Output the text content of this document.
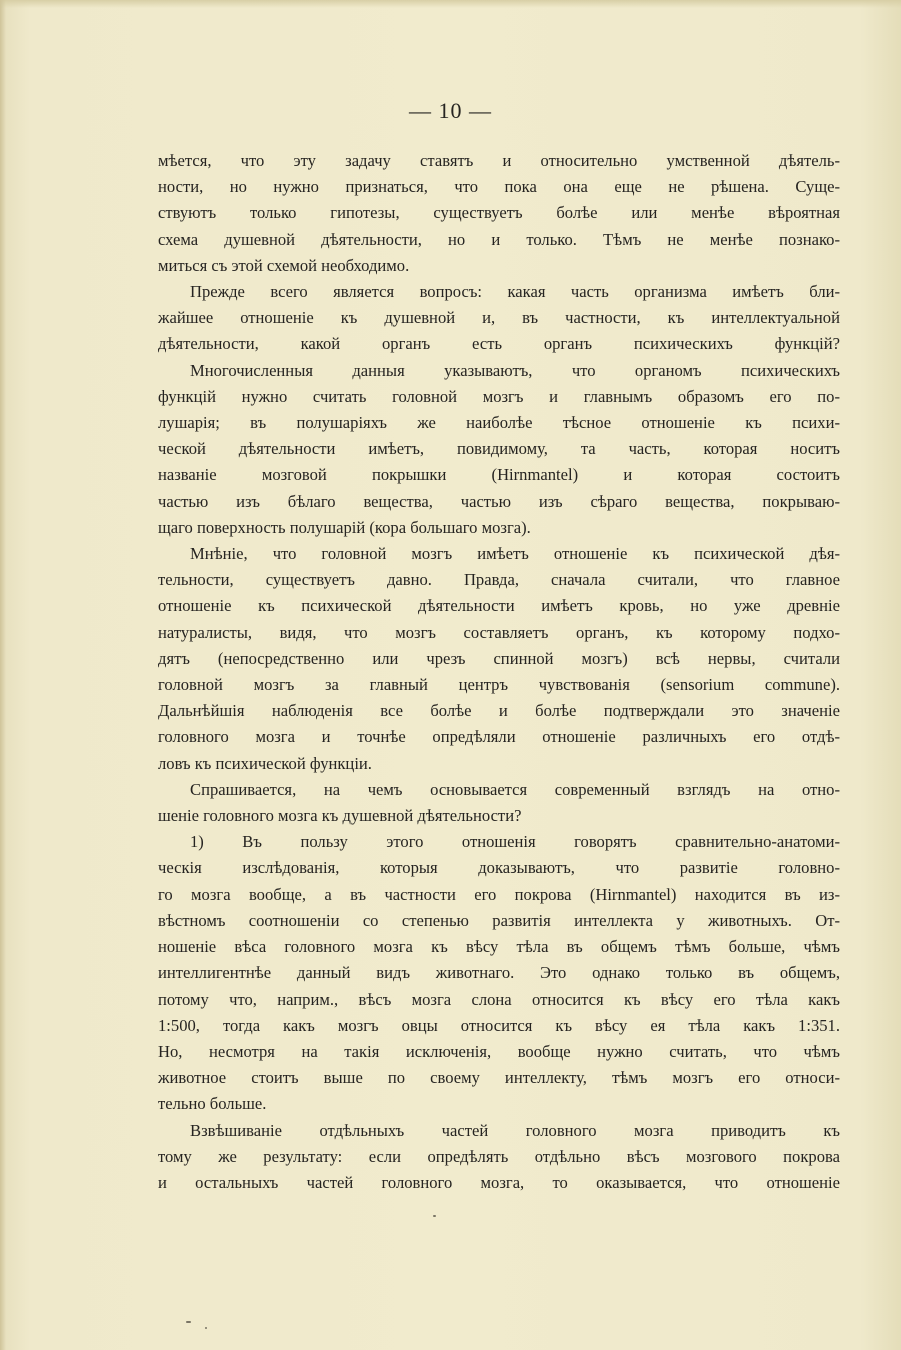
— 10 —
мѣется, что эту задачу ставятъ и относительно умственной дѣятель-
ности, но нужно признаться, что пока она еще не рѣшена. Суще-
ствуютъ только гипотезы, существуетъ болѣе или менѣе вѣроятная
схема душевной дѣятельности, но и только. Тѣмъ не менѣе познако-
миться съ этой схемой необходимо.
Прежде всего является вопросъ: какая часть организма имѣетъ бли-
жайшее отношеніе къ душевной и, въ частности, къ интеллектуальной
дѣятельности, какой органъ есть органъ психическихъ функцій?
Многочисленныя данныя указываютъ, что органомъ психическихъ
функцій нужно считать головной мозгъ и главнымъ образомъ его по-
лушарія; въ полушаріяхъ же наиболѣе тѣсное отношеніе къ психи-
ческой дѣятельности имѣетъ, повидимому, та часть, которая носитъ
названіе мозговой покрышки (Hirnmantel) и которая состоитъ
частью изъ бѣлаго вещества, частью изъ сѣраго вещества, покрываю-
щаго поверхность полушарій (кора большаго мозга).
Мнѣніе, что головной мозгъ имѣетъ отношеніе къ психической дѣя-
тельности, существуетъ давно. Правда, сначала считали, что главное
отношеніе къ психической дѣятельности имѣетъ кровь, но уже древніе
натуралисты, видя, что мозгъ составляетъ органъ, къ которому подхо-
дятъ (непосредственно или чрезъ спинной мозгъ) всѣ нервы, считали
головной мозгъ за главный центръ чувствованія (sensorium commune).
Дальнѣйшія наблюденія все болѣе и болѣе подтверждали это значеніе
головного мозга и точнѣе опредѣляли отношеніе различныхъ его отдѣ-
ловъ къ психической функціи.
Спрашивается, на чемъ основывается современный взглядъ на отно-
шеніе головного мозга къ душевной дѣятельности?
1) Въ пользу этого отношенія говорятъ сравнительно-анатоми-
ческія изслѣдованія, которыя доказываютъ, что развитіе головно-
го мозга вообще, а въ частности его покрова (Hirnmantel) находится въ из-
вѣстномъ соотношеніи со степенью развитія интеллекта у животныхъ. От-
ношеніе вѣса головного мозга къ вѣсу тѣла въ общемъ тѣмъ больше, чѣмъ
интеллигентнѣе данный видъ животнаго. Это однако только въ общемъ,
потому что, наприм., вѣсъ мозга слона относится къ вѣсу его тѣла какъ
1:500, тогда какъ мозгъ овцы относится къ вѣсу ея тѣла какъ 1:351.
Но, несмотря на такія исключенія, вообще нужно считать, что чѣмъ
животное стоитъ выше по своему интеллекту, тѣмъ мозгъ его относи-
тельно больше.
Взвѣшиваніе отдѣльныхъ частей головного мозга приводитъ къ
тому же результату: если опредѣлять отдѣльно вѣсъ мозгового покрова
и остальныхъ частей головного мозга, то оказывается, что отношеніе
